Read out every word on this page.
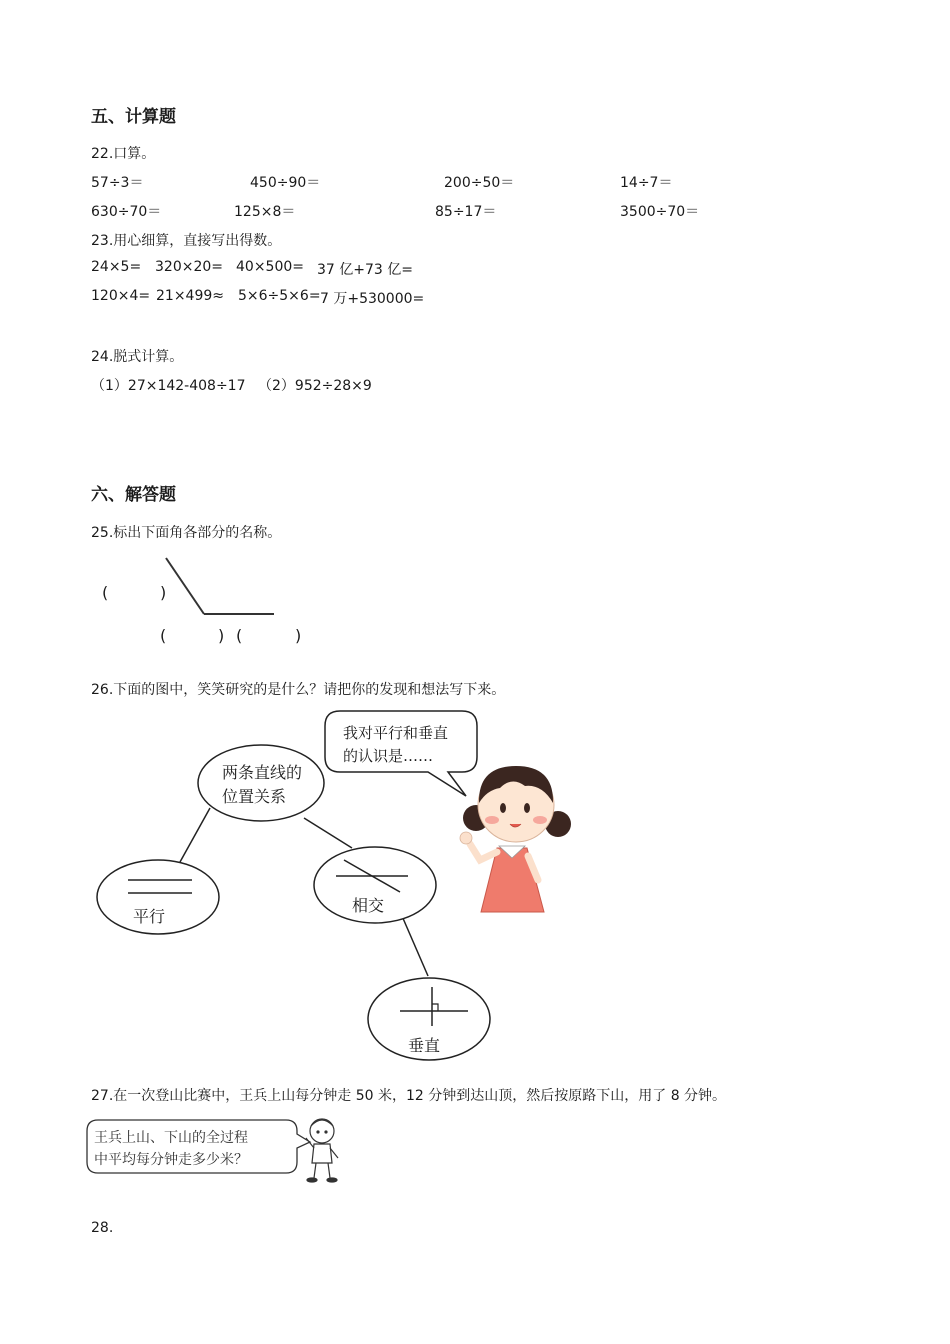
五、计算题
22.口算。
57÷3＝	450÷90＝	200÷50＝	14÷7＝
630÷70＝	125×8＝	85÷17＝	3500÷70＝
23.用心细算，直接写出得数。
24×5= 320×20= 40×500= 37 亿+73 亿=
120×4= 21×499≈ 5×6÷5×6= 7 万+530000=
24.脱式计算。
（1）27×142-408÷17 （2）952÷28×9
六、解答题
25.标出下面角各部分的名称。
(	)
(	) (	)
26.下面的图中，笑笑研究的是什么？请把你的发现和想法写下来。
两条直线的
位置关系
平行
相交
垂直
我对平行和垂直
的认识是……
27.在一次登山比赛中，王兵上山每分钟走 50 米，12 分钟到达山顶，然后按原路下山，用了 8 分钟。
王兵上山、下山的全过程
中平均每分钟走多少米？
28.
